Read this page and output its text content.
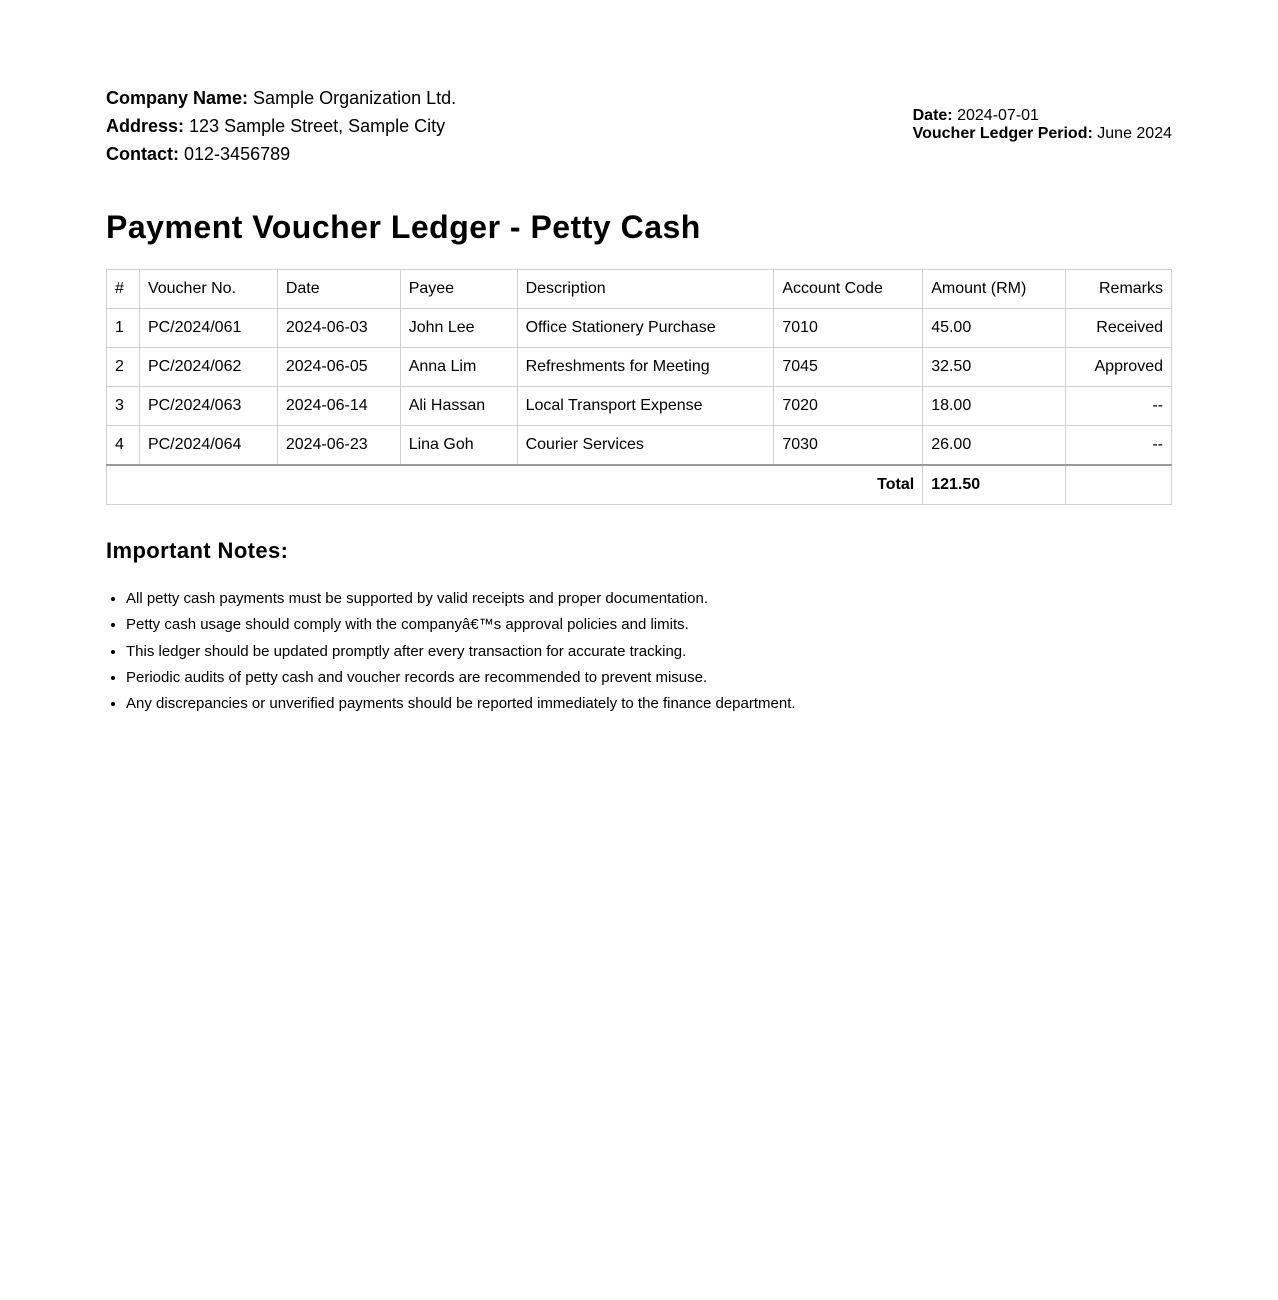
Company Name: Sample Organization Ltd.
Address: 123 Sample Street, Sample City
Contact: 012-3456789
Date: 2024-07-01
Voucher Ledger Period: June 2024
Payment Voucher Ledger - Petty Cash
#	Voucher No.	Date	Payee	Description	Account Code	Amount (RM)	Remarks
1	PC/2024/061	2024-06-03	John Lee	Office Stationery Purchase	7010	45.00	Received
2	PC/2024/062	2024-06-05	Anna Lim	Refreshments for Meeting	7045	32.50	Approved
3	PC/2024/063	2024-06-14	Ali Hassan	Local Transport Expense	7020	18.00	--
4	PC/2024/064	2024-06-23	Lina Goh	Courier Services	7030	26.00	--
Total						121.50	
Important Notes:
• All petty cash payments must be supported by valid receipts and proper documentation.
• Petty cash usage should comply with the companyâ€™s approval policies and limits.
• This ledger should be updated promptly after every transaction for accurate tracking.
• Periodic audits of petty cash and voucher records are recommended to prevent misuse.
• Any discrepancies or unverified payments should be reported immediately to the finance department.
